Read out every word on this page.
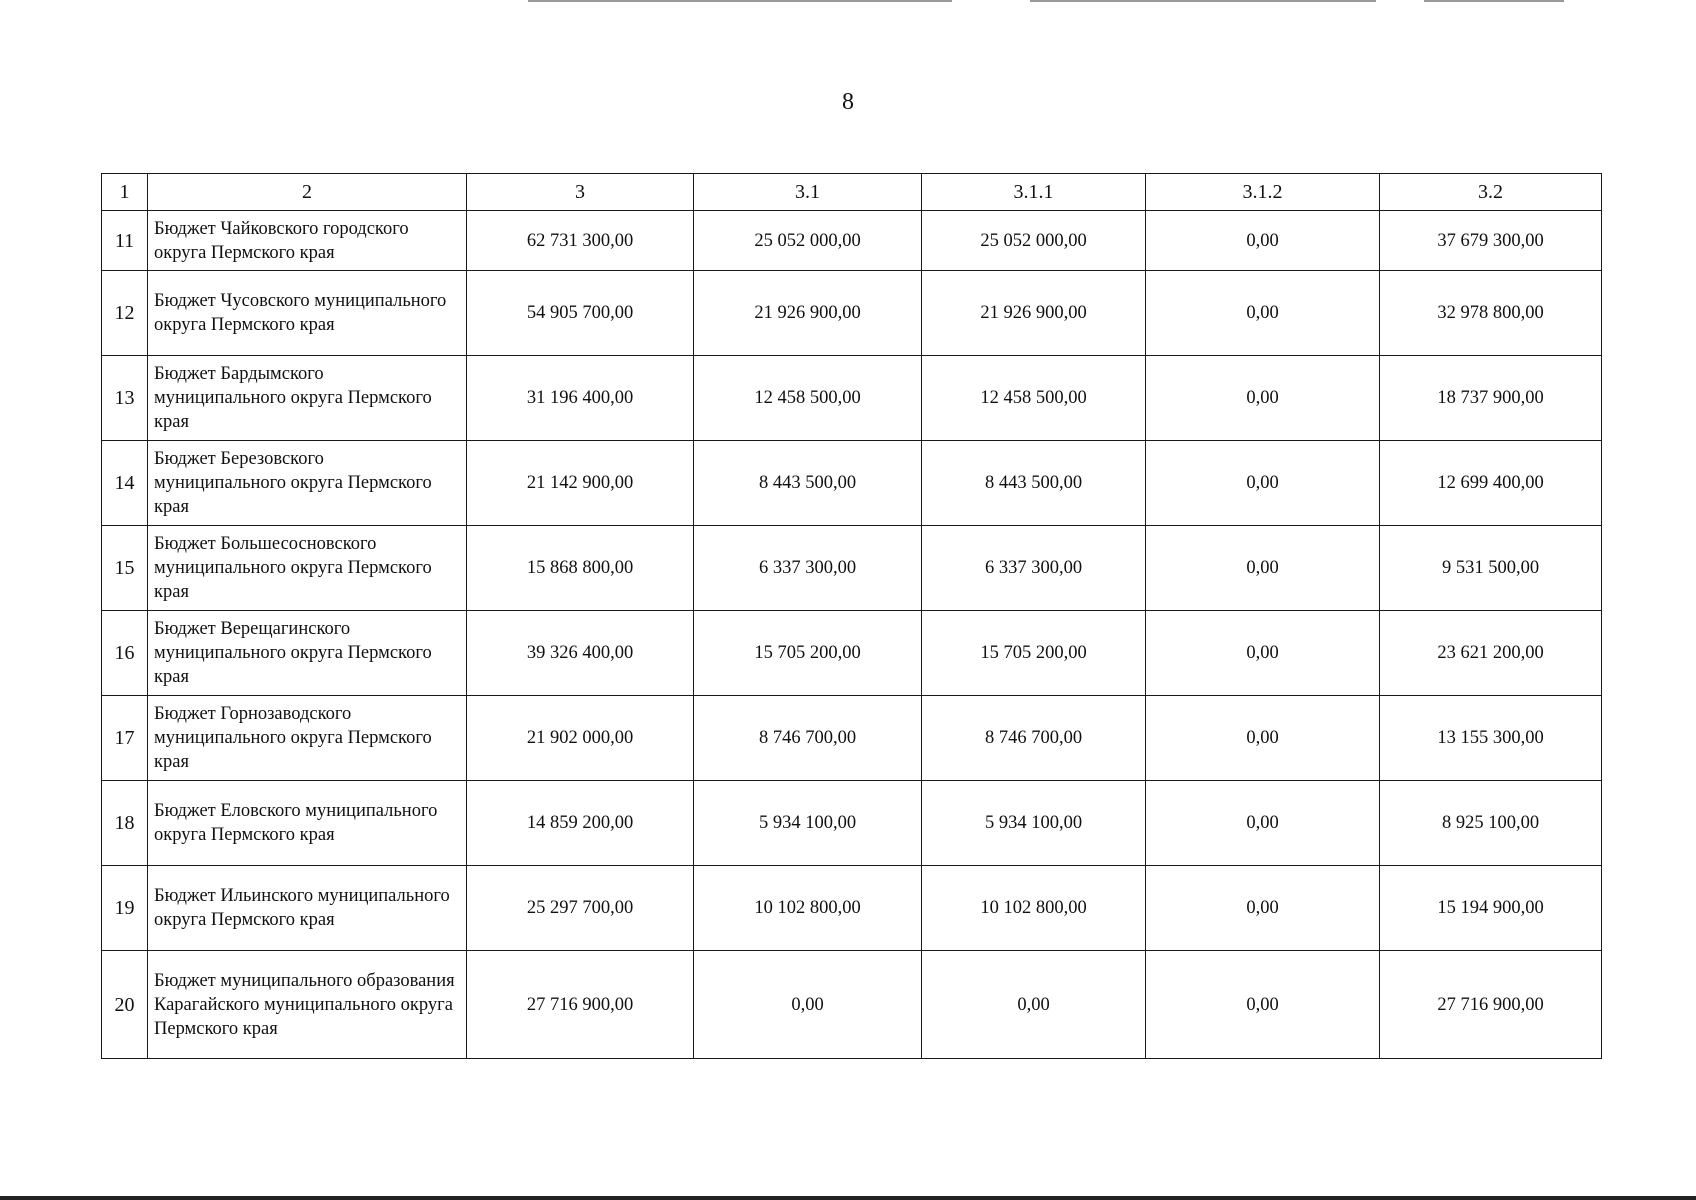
8
1	2	3	3.1	3.1.1	3.1.2	3.2
11	Бюджет Чайковского городского округа Пермского края	62 731 300,00	25 052 000,00	25 052 000,00	0,00	37 679 300,00
12	Бюджет Чусовского муниципального округа Пермского края	54 905 700,00	21 926 900,00	21 926 900,00	0,00	32 978 800,00
13	Бюджет Бардымского муниципального округа Пермского края	31 196 400,00	12 458 500,00	12 458 500,00	0,00	18 737 900,00
14	Бюджет Березовского муниципального округа Пермского края	21 142 900,00	8 443 500,00	8 443 500,00	0,00	12 699 400,00
15	Бюджет Большесосновского муниципального округа Пермского края	15 868 800,00	6 337 300,00	6 337 300,00	0,00	9 531 500,00
16	Бюджет Верещагинского муниципального округа Пермского края	39 326 400,00	15 705 200,00	15 705 200,00	0,00	23 621 200,00
17	Бюджет Горнозаводского муниципального округа Пермского края	21 902 000,00	8 746 700,00	8 746 700,00	0,00	13 155 300,00
18	Бюджет Еловского муниципального округа Пермского края	14 859 200,00	5 934 100,00	5 934 100,00	0,00	8 925 100,00
19	Бюджет Ильинского муниципального округа Пермского края	25 297 700,00	10 102 800,00	10 102 800,00	0,00	15 194 900,00
20	Бюджет муниципального образования Карагайского муниципального округа Пермского края	27 716 900,00	0,00	0,00	0,00	27 716 900,00
